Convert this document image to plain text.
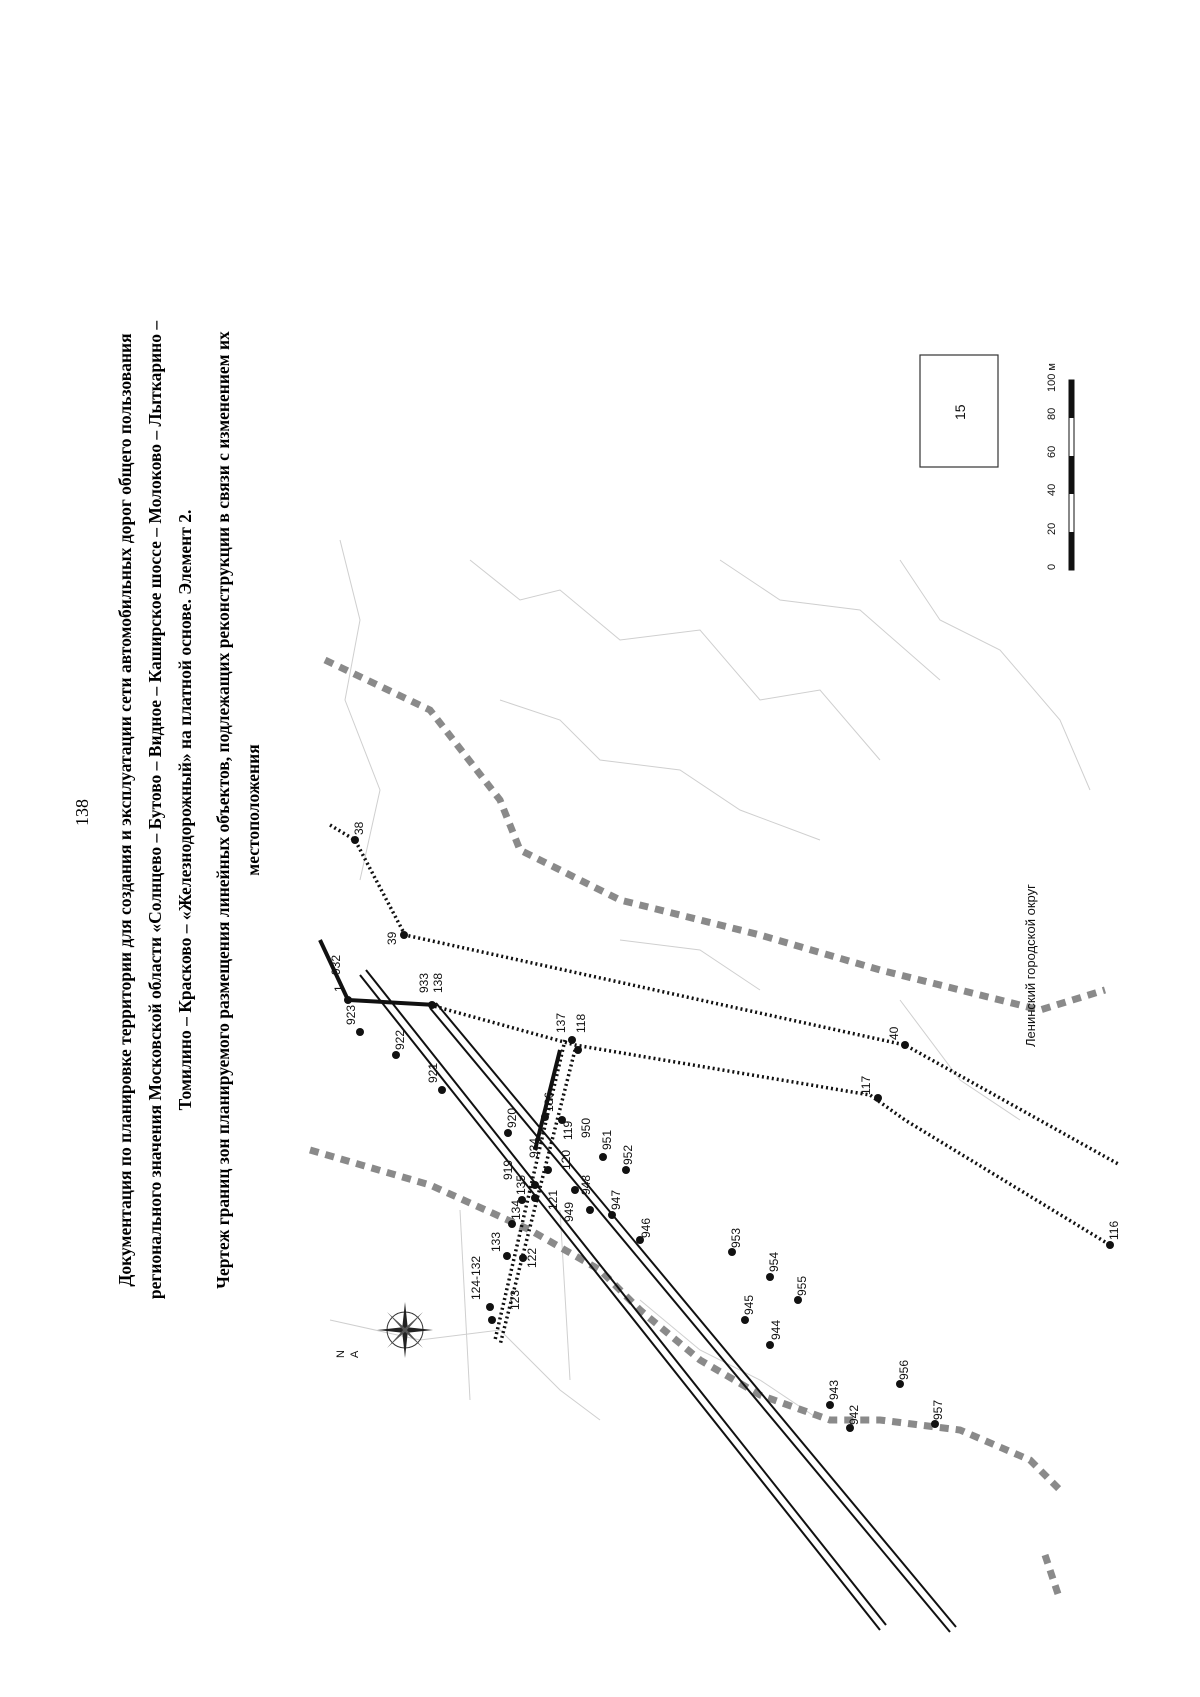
138 Документация по планировке территории для создания и эксплуатации сети автомобильных дорог общего пользования регионального значения Московской области «Солнцево – Бутово – Видное – Каширское шоссе – Молоково – Лыткарино – Томилино – Красково – «Железнодорожный» на платной основе. Элемент 2. Чертеж границ зон планируемого размещения линейных объектов, подлежащих реконструкции в связи с изменением их местоположения	38
39
40
117
116
1
932
933 138
137 118
923
922
921
920
919
136
934
135
134
133
124-132 123
122
121
120
119 950
951
952
948
949
947
946	953
954
955
945
944
943
942
956
957
Ленинский городской округ
N A
15
0
20
40
60
80
100 м
